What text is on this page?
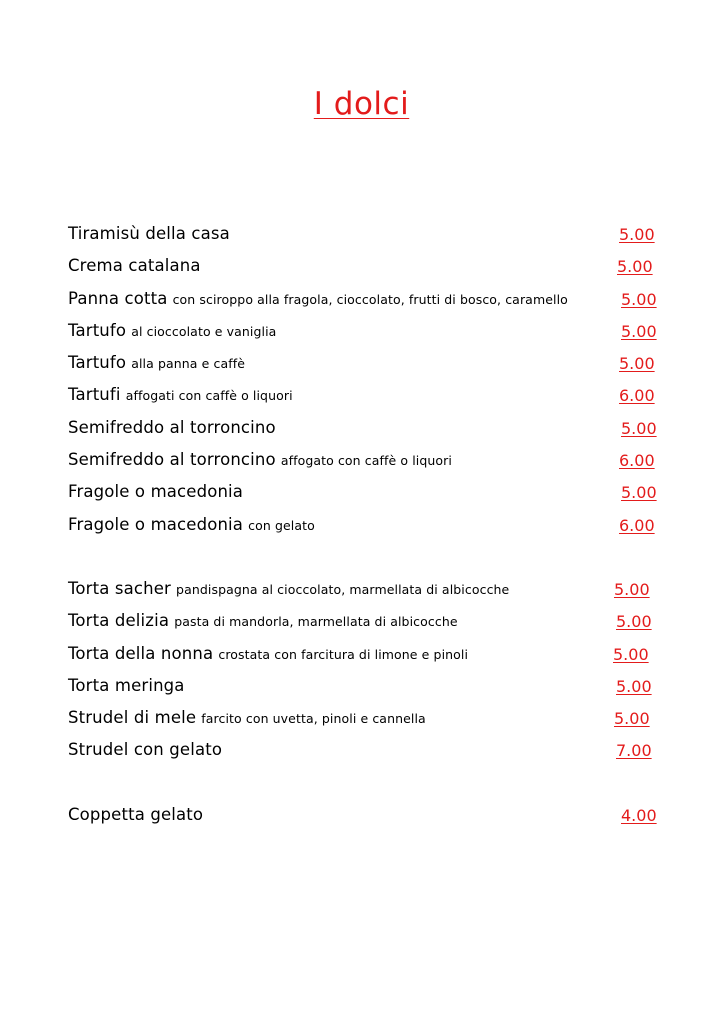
I dolci
Tiramisù della casa	5.00
Crema catalana	5.00
Panna cotta con sciroppo alla fragola, cioccolato, frutti di bosco, caramello	5.00
Tartufo al cioccolato e vaniglia	5.00
Tartufo alla panna e caffè	5.00
Tartufi affogati con caffè o liquori	6.00
Semifreddo al torroncino	5.00
Semifreddo al torroncino affogato con caffè o liquori	6.00
Fragole o macedonia	5.00
Fragole o macedonia con gelato	6.00
Torta sacher pandispagna al cioccolato, marmellata di albicocche	5.00
Torta delizia pasta di mandorla, marmellata di albicocche	5.00
Torta della nonna crostata con farcitura di limone e pinoli	5.00
Torta meringa	5.00
Strudel di mele farcito con uvetta, pinoli e cannella	5.00
Strudel con gelato	7.00
Coppetta gelato	4.00
